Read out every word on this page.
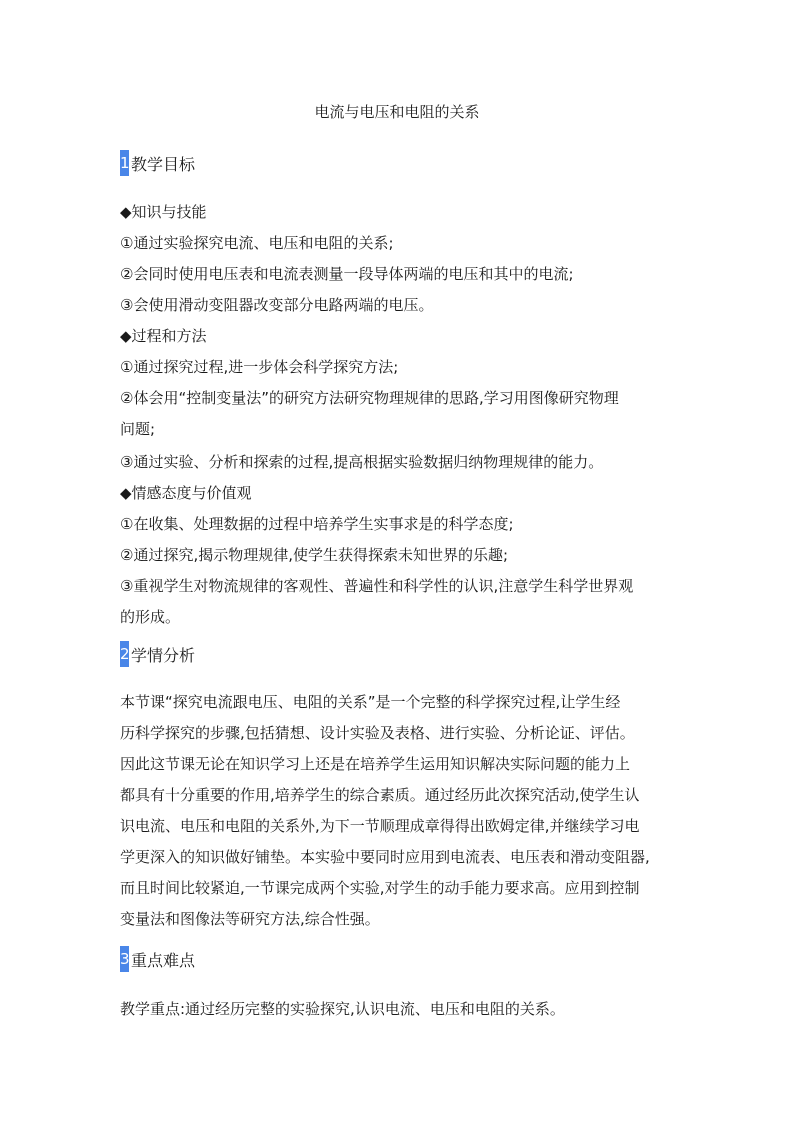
电流与电压和电阻的关系
1 教学目标
◆知识与技能
①通过实验探究电流、电压和电阻的关系;
②会同时使用电压表和电流表测量一段导体两端的电压和其中的电流;
③会使用滑动变阻器改变部分电路两端的电压。
◆过程和方法
①通过探究过程,进一步体会科学探究方法;
②体会用“控制变量法”的研究方法研究物理规律的思路,学习用图像研究物理
问题;
③通过实验、分析和探索的过程,提高根据实验数据归纳物理规律的能力。
◆情感态度与价值观
①在收集、处理数据的过程中培养学生实事求是的科学态度;
②通过探究,揭示物理规律,使学生获得探索未知世界的乐趣;
③重视学生对物流规律的客观性、普遍性和科学性的认识,注意学生科学世界观
的形成。
2 学情分析
本节课“探究电流跟电压、电阻的关系”是一个完整的科学探究过程,让学生经
历科学探究的步骤,包括猜想、设计实验及表格、进行实验、分析论证、评估。
因此这节课无论在知识学习上还是在培养学生运用知识解决实际问题的能力上
都具有十分重要的作用,培养学生的综合素质。通过经历此次探究活动,使学生认
识电流、电压和电阻的关系外,为下一节顺理成章得得出欧姆定律,并继续学习电
学更深入的知识做好铺垫。本实验中要同时应用到电流表、电压表和滑动变阻器,
而且时间比较紧迫,一节课完成两个实验,对学生的动手能力要求高。应用到控制
变量法和图像法等研究方法,综合性强。
3 重点难点
教学重点:通过经历完整的实验探究,认识电流、电压和电阻的关系。
